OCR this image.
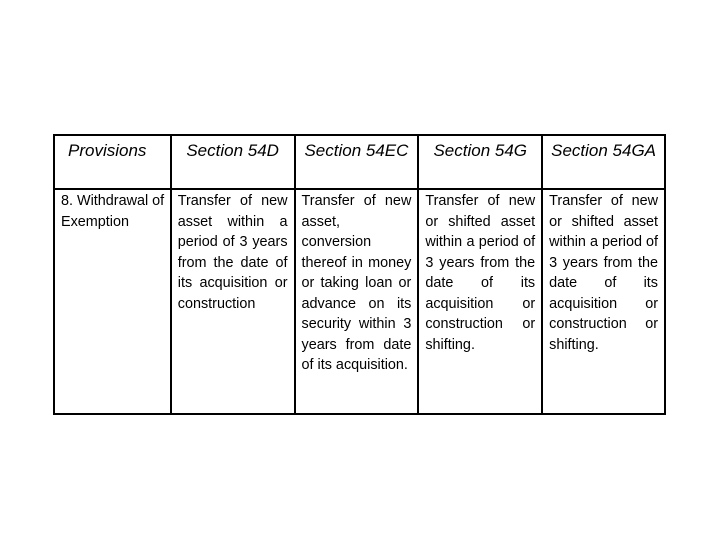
Provisions	Section 54D	Section 54EC	Section 54G	Section 54GA
8. Withdrawal of Exemption	Transfer of new asset within a period of 3 years from the date of its acquisition or construction	Transfer of new asset, conversion thereof in money or taking loan or advance on its security within 3 years from date of its acquisition.	Transfer of new or shifted asset within a period of 3 years from the date of its acquisition or construction or shifting.	Transfer of new or shifted asset within a period of 3 years from the date of its acquisition or construction or shifting.
